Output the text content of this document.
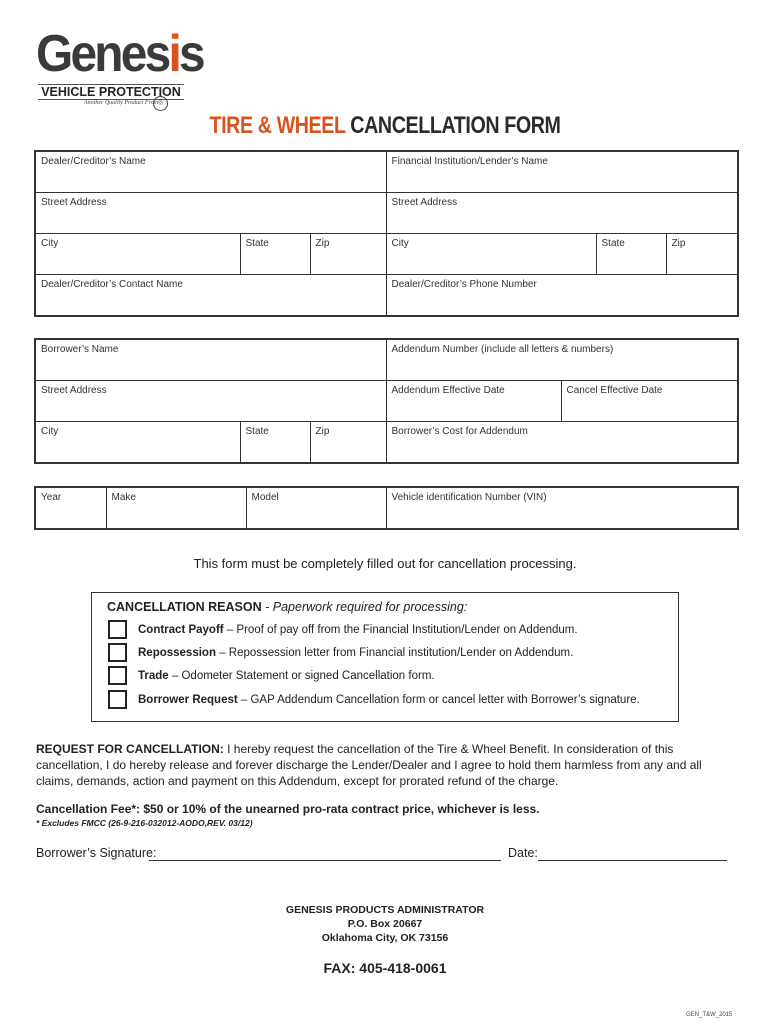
Genesis
VEHICLE PROTECTION
Another Quality Product From ◎
TIRE & WHEEL CANCELLATION FORM
Dealer/Creditor’s Name			Financial Institution/Lender’s Name		
Street Address			Street Address		
City	State	Zip	City	State	Zip
Dealer/Creditor’s Contact Name			Dealer/Creditor’s Phone Number		
Borrower’s Name			Addendum Number (include all letters & numbers)	
Street Address			Addendum Effective Date	Cancel Effective Date
City	State	Zip	Borrower’s Cost for Addendum	
Year	Make	Model	Vehicle identification Number (VIN)
This form must be completely filled out for cancellation processing.
CANCELLATION REASON - Paperwork required for processing:
Contract Payoff – Proof of pay off from the Financial Institution/Lender on Addendum.
Repossession – Repossession letter from Financial institution/Lender on Addendum.
Trade – Odometer Statement or signed Cancellation form.
Borrower Request – GAP Addendum Cancellation form or cancel letter with Borrower’s signature.
REQUEST FOR CANCELLATION: I hereby request the cancellation of the Tire & Wheel Benefit. In consideration of this cancellation, I do hereby release and forever discharge the Lender/Dealer and I agree to hold them harmless from any and all claims, demands, action and payment on this Addendum, except for prorated refund of the charge.
Cancellation Fee*: $50 or 10% of the unearned pro-rata contract price, whichever is less.
* Excludes FMCC (26-9-216-032012-AODO,REV. 03/12)
Borrower’s Signature:	Date:
GENESIS PRODUCTS ADMINISTRATOR
P.O. Box 20667
Oklahoma City, OK 73156
FAX: 405-418-0061
GEN_T&W_2015
